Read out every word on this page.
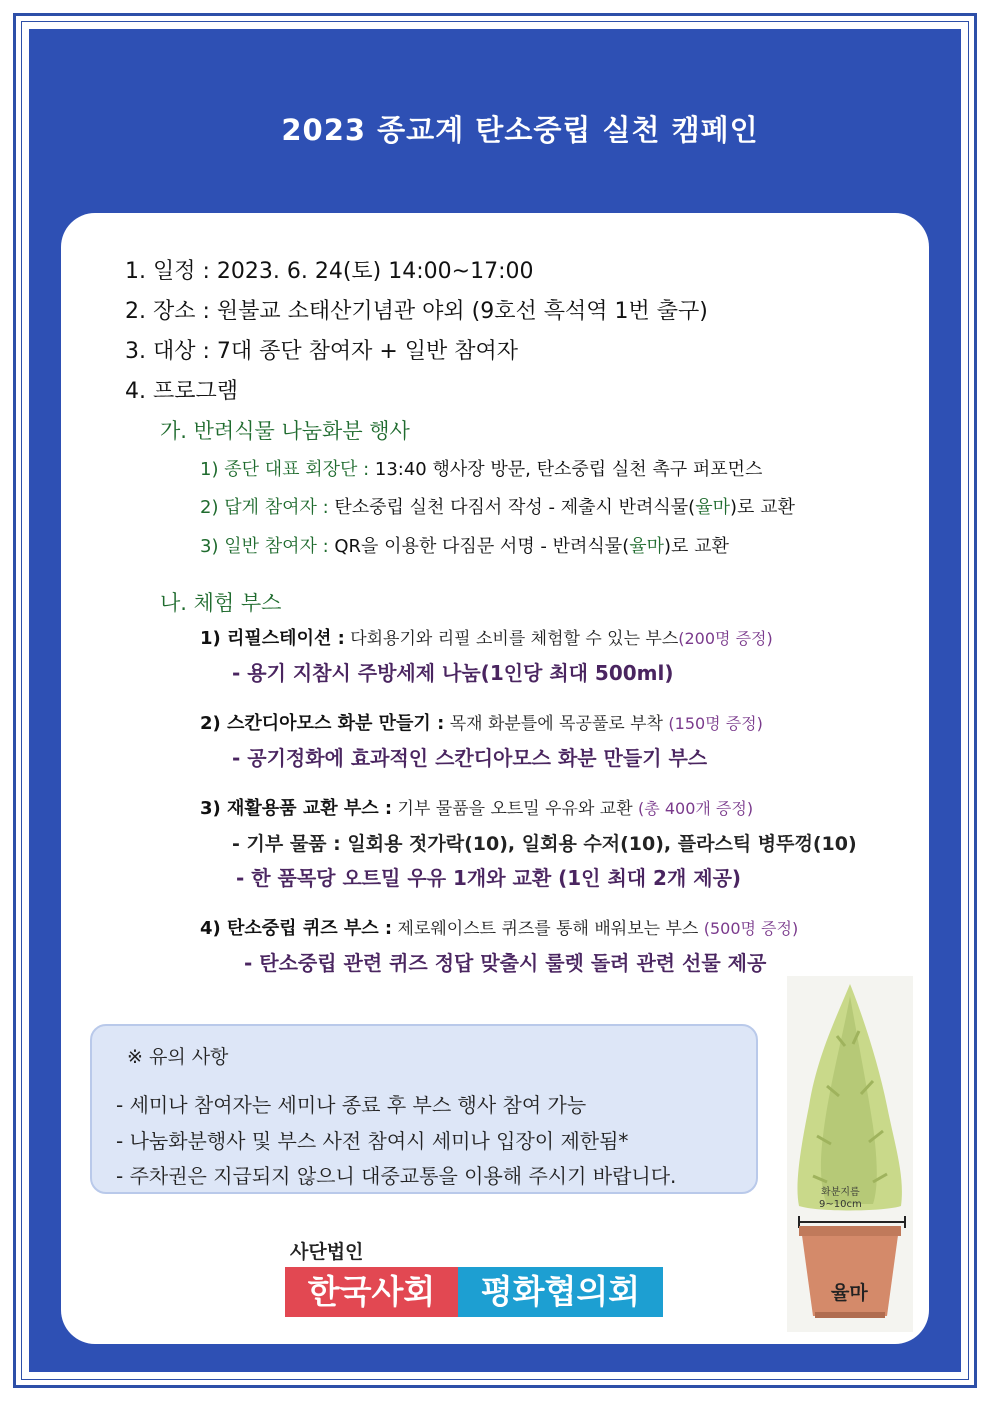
2023 종교계 탄소중립 실천 캠페인
1. 일정 : 2023. 6. 24(토) 14:00~17:00
2. 장소 : 원불교 소태산기념관 야외 (9호선 흑석역 1번 출구)
3. 대상 : 7대 종단 참여자 + 일반 참여자
4. 프로그램
가. 반려식물 나눔화분 행사
1) 종단 대표 회장단 : 13:40 행사장 방문, 탄소중립 실천 촉구 퍼포먼스
2) 답게 참여자 : 탄소중립 실천 다짐서 작성 - 제출시 반려식물(율마)로 교환
3) 일반 참여자 : QR을 이용한 다짐문 서명 - 반려식물(율마)로 교환
나. 체험 부스
1) 리필스테이션 : 다회용기와 리필 소비를 체험할 수 있는 부스(200명 증정)
- 용기 지참시 주방세제 나눔(1인당 최대 500ml)
2) 스칸디아모스 화분 만들기 : 목재 화분틀에 목공풀로 부착 (150명 증정)
- 공기정화에 효과적인 스칸디아모스 화분 만들기 부스
3) 재활용품 교환 부스 : 기부 물품을 오트밀 우유와 교환 (총 400개 증정)
- 기부 물품 : 일회용 젓가락(10), 일회용 수저(10), 플라스틱 병뚜껑(10)
- 한 품목당 오트밀 우유 1개와 교환 (1인 최대 2개 제공)
4) 탄소중립 퀴즈 부스 : 제로웨이스트 퀴즈를 통해 배워보는 부스 (500명 증정)
- 탄소중립 관련 퀴즈 정답 맞출시 룰렛 돌려 관련 선물 제공
※ 유의 사항
- 세미나 참여자는 세미나 종료 후 부스 행사 참여 가능
- 나눔화분행사 및 부스 사전 참여시 세미나 입장이 제한됨*
- 주차권은 지급되지 않으니 대중교통을 이용해 주시기 바랍니다.
사단법인
한국사회	평화협의회
화분지름
9~10cm
율마
